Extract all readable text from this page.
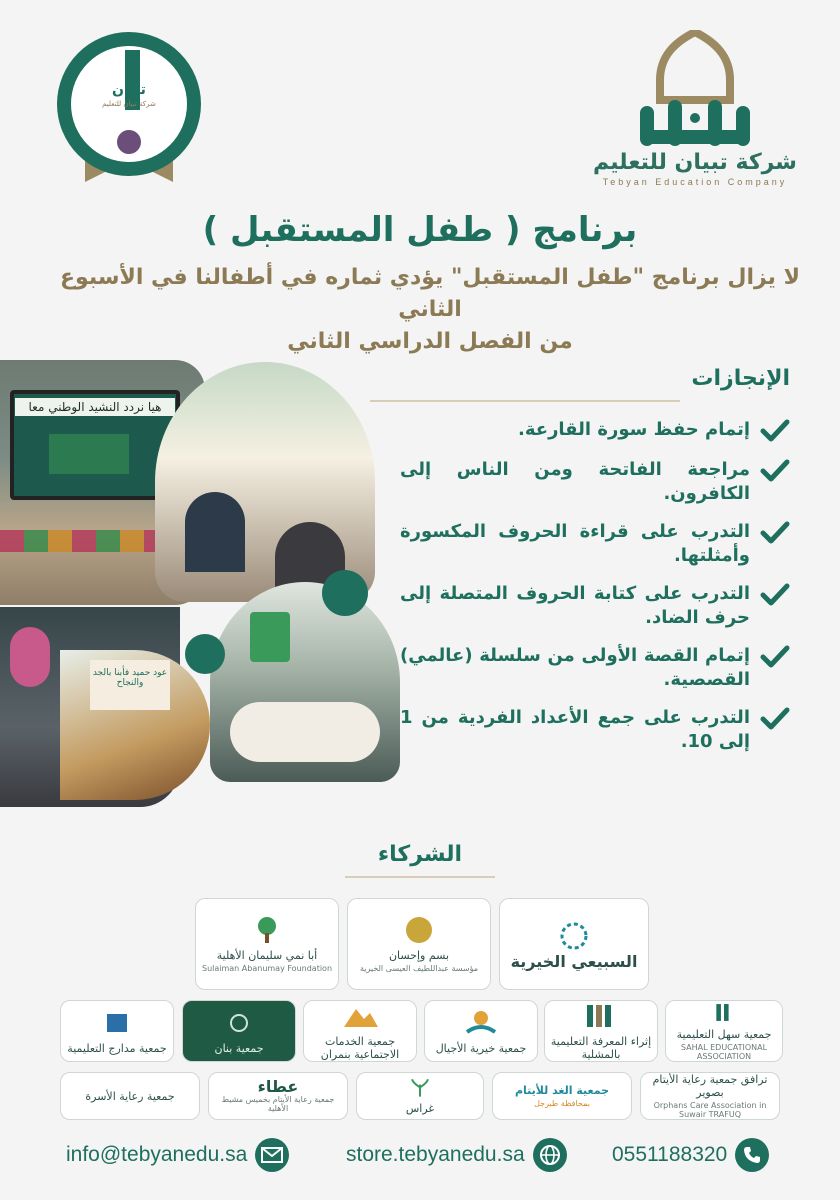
تبيان
شركة تبيان للتعليم
شركة تبيان للتعليم
Tebyan Education Company
برنامج ( طفل المستقبل )
لا يزال برنامج "طفل المستقبل" يؤدي ثماره في أطفالنا في الأسبوع الثاني
من الفصل الدراسي الثاني
هيا نردد النشيد الوطني معا
عود حميد فأبنا بالجد والنجاح
الإنجازات
إتمام حفظ سورة القارعة.
مراجعة الفاتحة ومن الناس إلى الكافرون.
التدرب على قراءة الحروف المكسورة وأمثلتها.
التدرب على كتابة الحروف المتصلة إلى حرف الضاد.
إتمام القصة الأولى من سلسلة (عالمي) القصصية.
التدرب على جمع الأعداد الفردية من 1 إلى 10.
الشركاء
السبيعي الخيرية
بسم وإحسان
مؤسسة عبداللطيف العيسى الخيرية
أبا نمي سليمان الأهلية
Sulaiman Abanumay Foundation
جمعية سهل التعليمية
SAHAL EDUCATIONAL ASSOCIATION
إثراء المعرفة التعليمية بالمشلية
جمعية خيرية الأجيال
جمعية الخدمات الاجتماعية بنمران
جمعية بنان
جمعية مدارج التعليمية
ترافق جمعية رعاية الأيتام بصوير
Orphans Care Association in Suwair TRAFUQ
جمعية الغد للأيتام
بمحافظة طبرجل
غراس
عطاء
جمعية رعاية الأيتام بخميس مشيط الأهلية
جمعية رعاية الأسرة
0551188320
store.tebyanedu.sa
info@tebyanedu.sa
